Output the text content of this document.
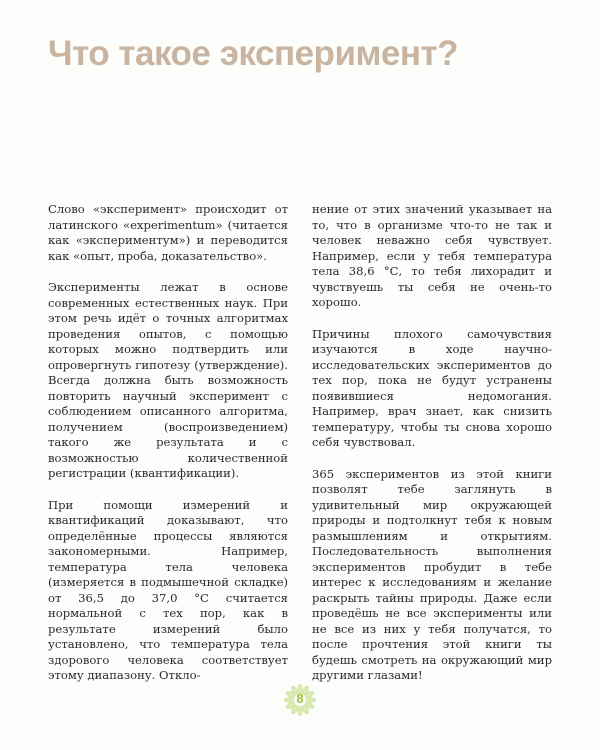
Что такое эксперимент?

Слово «эксперимент» происходит от латинского «experimentum» (читается как «экспериментум») и переводится как «опыт, проба, доказательство».

Эксперименты лежат в основе современных естественных наук. При этом речь идёт о точных алгоритмах проведения опытов, с помощью которых можно подтвердить или опровергнуть гипотезу (утверждение). Всегда должна быть возможность повторить научный эксперимент с соблюдением описанного алгоритма, получением (воспроизведением) такого же результата и с возможностью количественной регистрации (квантификации).

При помощи измерений и квантификаций доказывают, что определённые процессы являются закономерными. Например, температура тела человека (измеряется в подмышечной складке) от 36,5 до 37,0 °С считается нормальной с тех пор, как в результате измерений было установлено, что температура тела здорового человека соответствует этому диапазону. Откло-

нение от этих значений указывает на то, что в организме что-то не так и человек неважно себя чувствует. Например, если у тебя температура тела 38,6 °С, то тебя лихорадит и чувствуешь ты себя не очень-то хорошо.

Причины плохого самочувствия изучаются в ходе научно-исследовательских экспериментов до тех пор, пока не будут устранены появившиеся недомогания. Например, врач знает, как снизить температуру, чтобы ты снова хорошо себя чувствовал.

365 экспериментов из этой книги позволят тебе заглянуть в удивительный мир окружающей природы и подтолкнут тебя к новым размышлениям и открытиям. Последовательность выполнения экспериментов пробудит в тебе интерес к исследованиям и желание раскрыть тайны природы. Даже если проведёшь не все эксперименты или не все из них у тебя получатся, то после прочтения этой книги ты будешь смотреть на окружающий мир другими глазами!

8
